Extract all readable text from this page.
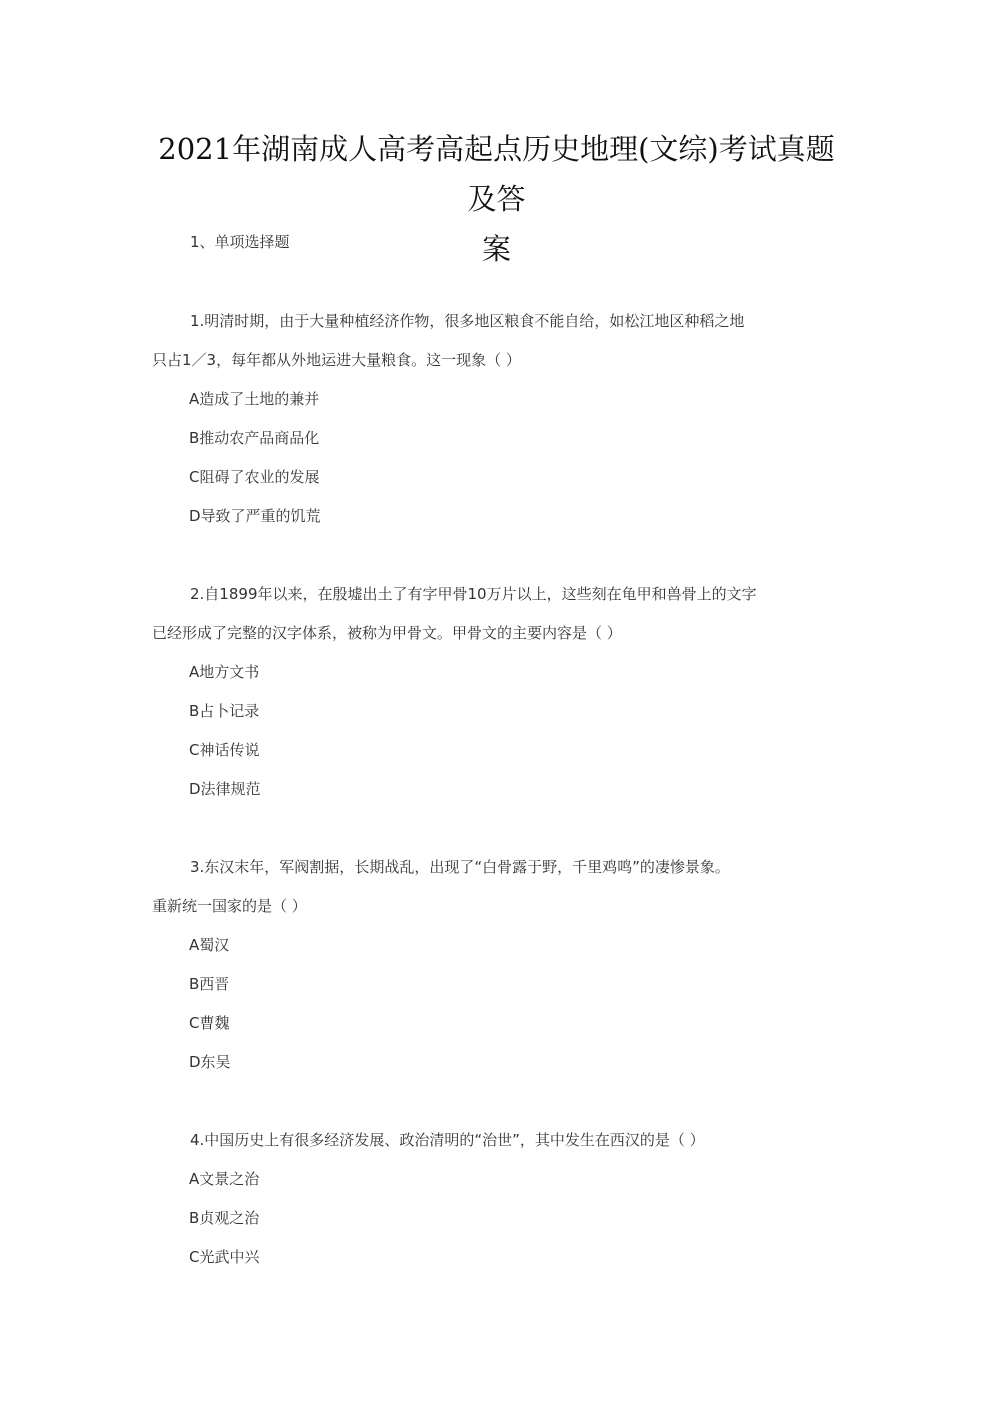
2021年湖南成人高考高起点历史地理(文综)考试真题及答
案

1、单项选择题

1.明清时期，由于大量种植经济作物，很多地区粮食不能自给，如松江地区种稻之地

只占1／3，每年都从外地运进大量粮食。这一现象（ ）

A造成了土地的兼并

B推动农产品商品化

C阻碍了农业的发展

D导致了严重的饥荒

2.自1899年以来，在殷墟出土了有字甲骨10万片以上，这些刻在龟甲和兽骨上的文字

已经形成了完整的汉字体系，被称为甲骨文。甲骨文的主要内容是（ ）

A地方文书

B占卜记录

C神话传说

D法律规范

3.东汉末年，军阀割据，长期战乱，出现了“白骨露于野，千里鸡鸣”的凄惨景象。

重新统一国家的是（ ）

A蜀汉

B西晋

C曹魏

D东吴

4.中国历史上有很多经济发展、政治清明的“治世”，其中发生在西汉的是（ ）

A文景之治

B贞观之治

C光武中兴
